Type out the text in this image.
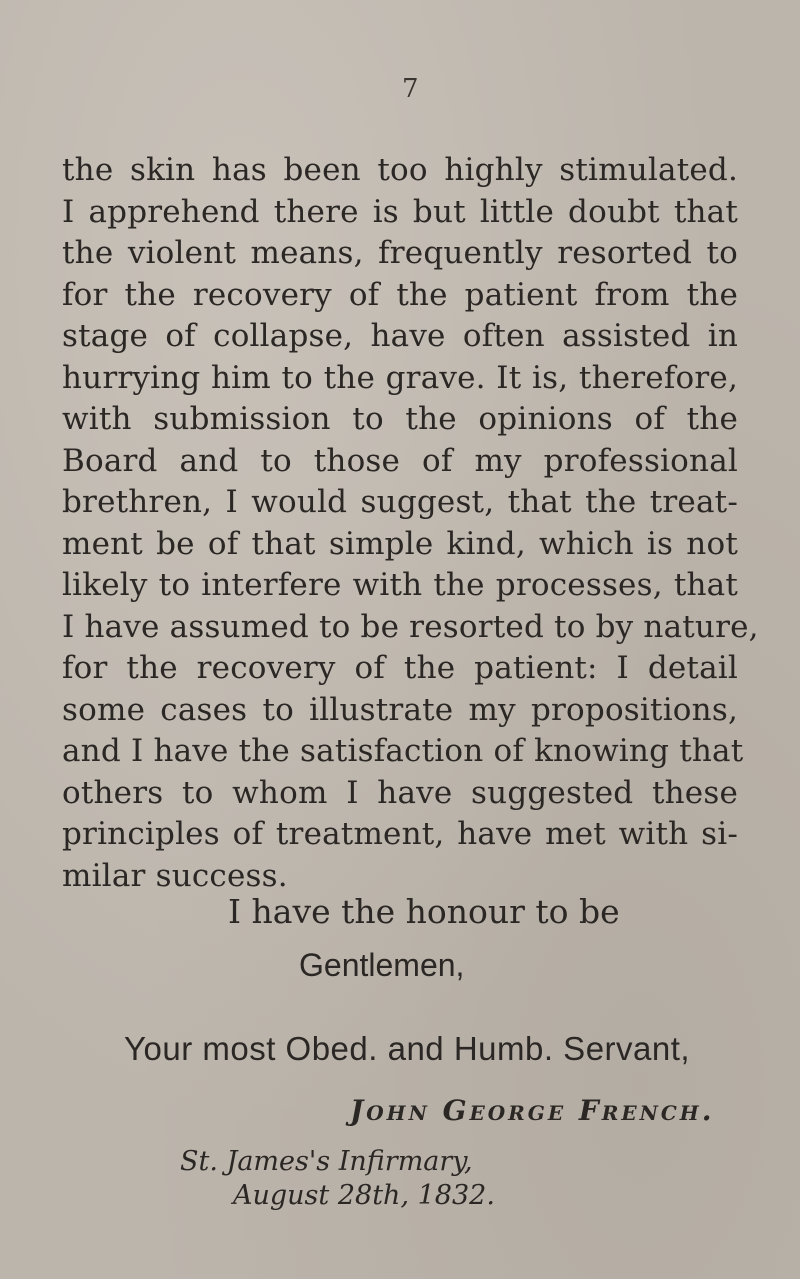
7
the skin has been too highly stimulated.
I apprehend there is but little doubt that
the violent means, frequently resorted to
for the recovery of the patient from the
stage of collapse, have often assisted in
hurrying him to the grave. It is, therefore,
with submission to the opinions of the
Board and to those of my professional
brethren, I would suggest, that the treat-
ment be of that simple kind, which is not
likely to interfere with the processes, that
I have assumed to be resorted to by nature,
for the recovery of the patient: I detail
some cases to illustrate my propositions,
and I have the satisfaction of knowing that
others to whom I have suggested these
principles of treatment, have met with si-
milar success.
I have the honour to be
Gentlemen,
Your most Obed. and Humb. Servant,
John George French.
St. James's Infirmary,
August 28th, 1832.
